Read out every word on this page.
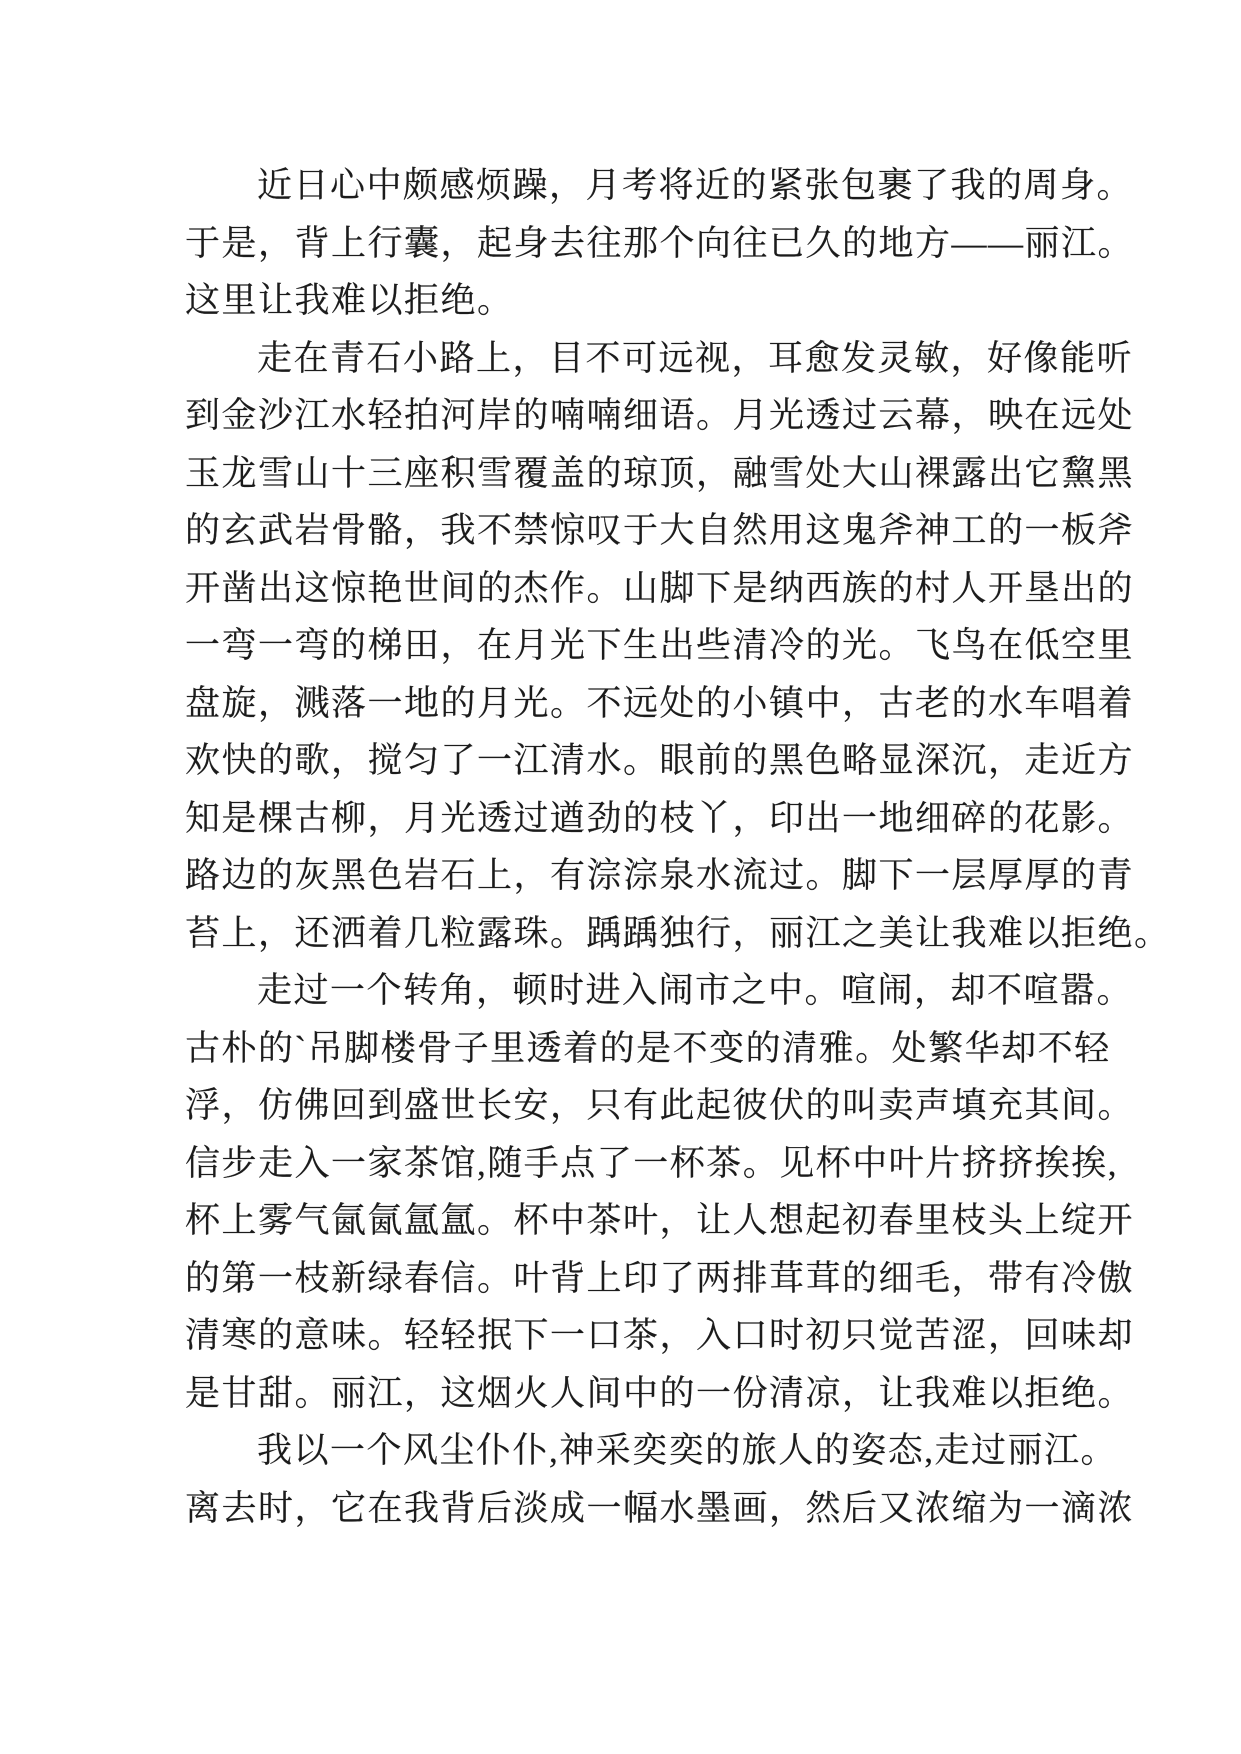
近日心中颇感烦躁，月考将近的紧张包裹了我的周身。
于是，背上行囊，起身去往那个向往已久的地方——丽江。
这里让我难以拒绝。
走在青石小路上，目不可远视，耳愈发灵敏，好像能听
到金沙江水轻拍河岸的喃喃细语。月光透过云幕，映在远处
玉龙雪山十三座积雪覆盖的琼顶，融雪处大山裸露出它黧黑
的玄武岩骨骼，我不禁惊叹于大自然用这鬼斧神工的一板斧
开凿出这惊艳世间的杰作。山脚下是纳西族的村人开垦出的
一弯一弯的梯田，在月光下生出些清冷的光。飞鸟在低空里
盘旋，溅落一地的月光。不远处的小镇中，古老的水车唱着
欢快的歌，搅匀了一江清水。眼前的黑色略显深沉，走近方
知是棵古柳，月光透过遒劲的枝丫，印出一地细碎的花影。
路边的灰黑色岩石上，有淙淙泉水流过。脚下一层厚厚的青
苔上，还洒着几粒露珠。踽踽独行，丽江之美让我难以拒绝。
走过一个转角，顿时进入闹市之中。喧闹，却不喧嚣。
古朴的`吊脚楼骨子里透着的是不变的清雅。处繁华却不轻
浮，仿佛回到盛世长安，只有此起彼伏的叫卖声填充其间。
信步走入一家茶馆,随手点了一杯茶。见杯中叶片挤挤挨挨,
杯上雾气氤氤氲氲。杯中茶叶，让人想起初春里枝头上绽开
的第一枝新绿春信。叶背上印了两排茸茸的细毛，带有冷傲
清寒的意味。轻轻抿下一口茶，入口时初只觉苦涩，回味却
是甘甜。丽江，这烟火人间中的一份清凉，让我难以拒绝。
我以一个风尘仆仆,神采奕奕的旅人的姿态,走过丽江。
离去时，它在我背后淡成一幅水墨画，然后又浓缩为一滴浓
